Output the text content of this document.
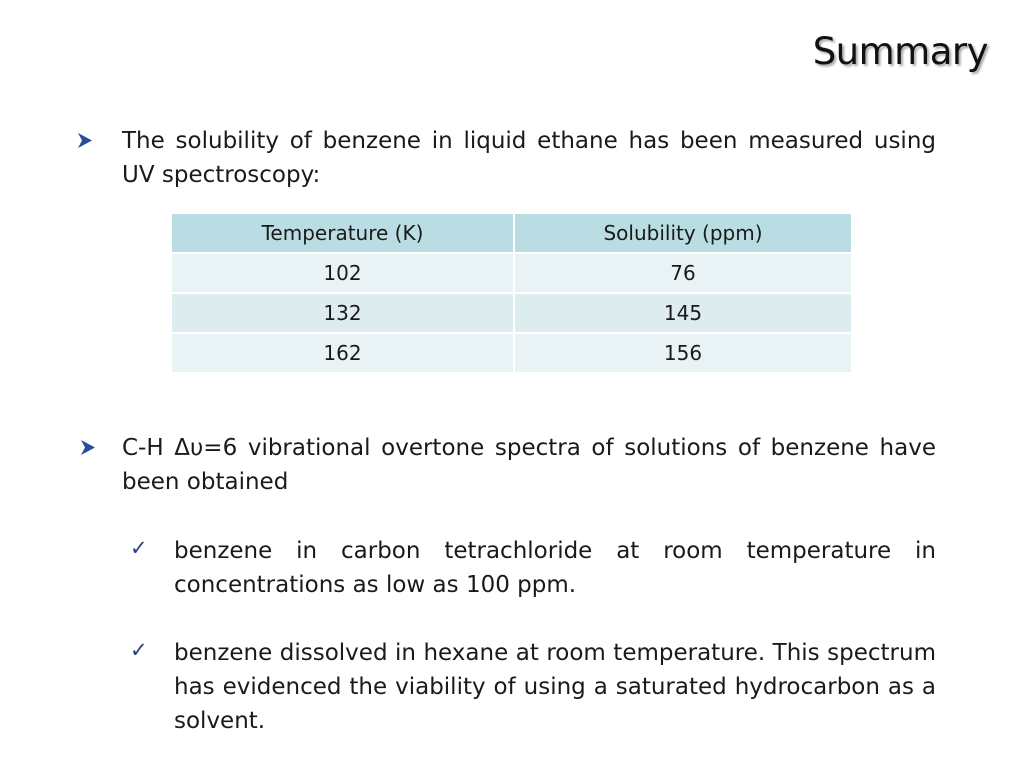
Summary
The solubility of benzene in liquid ethane has been measured using UV spectroscopy:
Temperature (K)	Solubility (ppm)
102	76
132	145
162	156
C-H Δυ=6 vibrational overtone spectra of solutions of benzene have been obtained
✓ benzene in carbon tetrachloride at room temperature in concentrations as low as 100 ppm.
✓ benzene dissolved in hexane at room temperature. This spectrum has evidenced the viability of using a saturated hydrocarbon as a solvent.
